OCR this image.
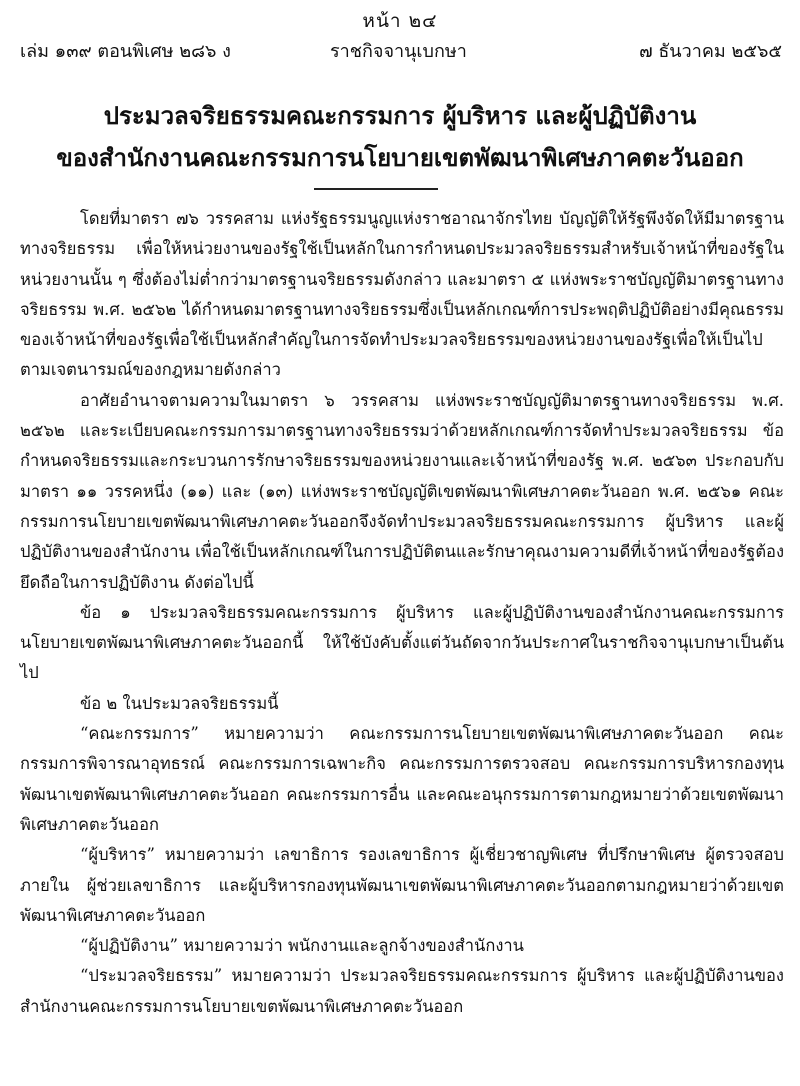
หน้า ๒๔
เล่ม ๑๓๙ ตอนพิเศษ ๒๘๖ ง	ราชกิจจานุเบกษา	๗ ธันวาคม ๒๕๖๕
ประมวลจริยธรรมคณะกรรมการ ผู้บริหาร และผู้ปฏิบัติงาน
ของสำนักงานคณะกรรมการนโยบายเขตพัฒนาพิเศษภาคตะวันออก

โดยที่มาตรา ๗๖ วรรคสาม แห่งรัฐธรรมนูญแห่งราชอาณาจักรไทย บัญญัติให้รัฐพึงจัดให้มีมาตรฐานทางจริยธรรม เพื่อให้หน่วยงานของรัฐใช้เป็นหลักในการกำหนดประมวลจริยธรรมสำหรับเจ้าหน้าที่ของรัฐในหน่วยงานนั้น ๆ ซึ่งต้องไม่ต่ำกว่ามาตรฐานจริยธรรมดังกล่าว และมาตรา ๕ แห่งพระราชบัญญัติมาตรฐานทางจริยธรรม พ.ศ. ๒๕๖๒ ได้กำหนดมาตรฐานทางจริยธรรมซึ่งเป็นหลักเกณฑ์การประพฤติปฏิบัติอย่างมีคุณธรรมของเจ้าหน้าที่ของรัฐเพื่อใช้เป็นหลักสำคัญในการจัดทำประมวลจริยธรรมของหน่วยงานของรัฐเพื่อให้เป็นไปตามเจตนารมณ์ของกฎหมายดังกล่าว

อาศัยอำนาจตามความในมาตรา ๖ วรรคสาม แห่งพระราชบัญญัติมาตรฐานทางจริยธรรม พ.ศ. ๒๕๖๒ และระเบียบคณะกรรมการมาตรฐานทางจริยธรรมว่าด้วยหลักเกณฑ์การจัดทำประมวลจริยธรรม ข้อกำหนดจริยธรรมและกระบวนการรักษาจริยธรรมของหน่วยงานและเจ้าหน้าที่ของรัฐ พ.ศ. ๒๕๖๓ ประกอบกับมาตรา ๑๑ วรรคหนึ่ง (๑๑) และ (๑๓) แห่งพระราชบัญญัติเขตพัฒนาพิเศษภาคตะวันออก พ.ศ. ๒๕๖๑ คณะกรรมการนโยบายเขตพัฒนาพิเศษภาคตะวันออกจึงจัดทำประมวลจริยธรรมคณะกรรมการ ผู้บริหาร และผู้ปฏิบัติงานของสำนักงาน เพื่อใช้เป็นหลักเกณฑ์ในการปฏิบัติตนและรักษาคุณงามความดีที่เจ้าหน้าที่ของรัฐต้องยึดถือในการปฏิบัติงาน ดังต่อไปนี้

ข้อ ๑ ประมวลจริยธรรมคณะกรรมการ ผู้บริหาร และผู้ปฏิบัติงานของสำนักงานคณะกรรมการนโยบายเขตพัฒนาพิเศษภาคตะวันออกนี้ ให้ใช้บังคับตั้งแต่วันถัดจากวันประกาศในราชกิจจานุเบกษาเป็นต้นไป

ข้อ ๒ ในประมวลจริยธรรมนี้

“คณะกรรมการ” หมายความว่า คณะกรรมการนโยบายเขตพัฒนาพิเศษภาคตะวันออก คณะกรรมการพิจารณาอุทธรณ์ คณะกรรมการเฉพาะกิจ คณะกรรมการตรวจสอบ คณะกรรมการบริหารกองทุนพัฒนาเขตพัฒนาพิเศษภาคตะวันออก คณะกรรมการอื่น และคณะอนุกรรมการตามกฎหมายว่าด้วยเขตพัฒนาพิเศษภาคตะวันออก

“ผู้บริหาร” หมายความว่า เลขาธิการ รองเลขาธิการ ผู้เชี่ยวชาญพิเศษ ที่ปรึกษาพิเศษ ผู้ตรวจสอบภายใน ผู้ช่วยเลขาธิการ และผู้บริหารกองทุนพัฒนาเขตพัฒนาพิเศษภาคตะวันออกตามกฎหมายว่าด้วยเขตพัฒนาพิเศษภาคตะวันออก

“ผู้ปฏิบัติงาน” หมายความว่า พนักงานและลูกจ้างของสำนักงาน

“ประมวลจริยธรรม” หมายความว่า ประมวลจริยธรรมคณะกรรมการ ผู้บริหาร และผู้ปฏิบัติงานของสำนักงานคณะกรรมการนโยบายเขตพัฒนาพิเศษภาคตะวันออก
